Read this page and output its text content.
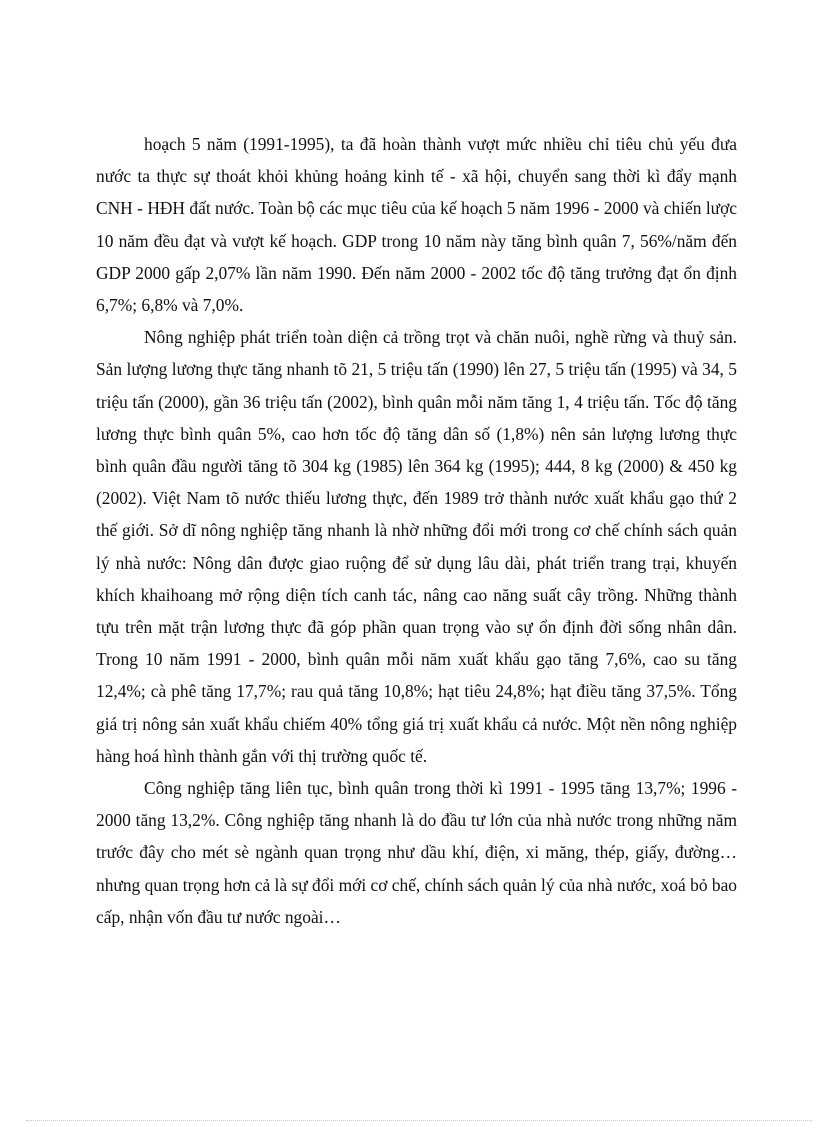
hoạch 5 năm (1991-1995), ta đã hoàn thành vượt mức nhiều chỉ tiêu chủ yếu đưa nước ta thực sự thoát khỏi khủng hoảng kinh tế - xã hội, chuyển sang thời kì đẩy mạnh CNH - HĐH đất nước. Toàn bộ các mục tiêu của kế hoạch 5 năm 1996 - 2000 và chiến lược 10 năm đều đạt và vượt kế hoạch. GDP trong 10 năm này tăng bình quân 7, 56%/năm đến GDP 2000 gấp 2,07% lần năm 1990. Đến năm 2000 - 2002 tốc độ tăng trưởng đạt ổn định 6,7%; 6,8% và 7,0%.

Nông nghiệp phát triển toàn diện cả trồng trọt và chăn nuôi, nghề rừng và thuỷ sản. Sản lượng lương thực tăng nhanh tõ 21, 5 triệu tấn (1990) lên 27, 5 triệu tấn (1995) và 34, 5 triệu tấn (2000), gần 36 triệu tấn (2002), bình quân mỗi năm tăng 1, 4 triệu tấn. Tốc độ tăng lương thực bình quân 5%, cao hơn tốc độ tăng dân số (1,8%) nên sản lượng lương thực bình quân đầu người tăng tõ 304 kg (1985) lên 364 kg (1995); 444, 8 kg (2000) & 450 kg (2002). Việt Nam tõ nước thiếu lương thực, đến 1989 trở thành nước xuất khẩu gạo thứ 2 thế giới. Sở dĩ nông nghiệp tăng nhanh là nhờ những đổi mới trong cơ chế chính sách quản lý nhà nước: Nông dân được giao ruộng để sử dụng lâu dài, phát triển trang trại, khuyến khích khaihoang mở rộng diện tích canh tác, nâng cao năng suất cây trồng. Những thành tựu trên mặt trận lương thực đã góp phần quan trọng vào sự ổn định đời sống nhân dân. Trong 10 năm 1991 - 2000, bình quân mỗi năm xuất khẩu gạo tăng 7,6%, cao su tăng 12,4%; cà phê tăng 17,7%; rau quả tăng 10,8%; hạt tiêu 24,8%; hạt điều tăng 37,5%. Tổng giá trị nông sản xuất khẩu chiếm 40% tổng giá trị xuất khẩu cả nước. Một nền nông nghiệp hàng hoá hình thành gắn với thị trường quốc tế.

Công nghiệp tăng liên tục, bình quân trong thời kì 1991 - 1995 tăng 13,7%; 1996 - 2000 tăng 13,2%. Công nghiệp tăng nhanh là do đầu tư lớn của nhà nước trong những năm trước đây cho mét sè ngành quan trọng như dầu khí, điện, xi măng, thép, giấy, đường… nhưng quan trọng hơn cả là sự đổi mới cơ chế, chính sách quản lý của nhà nước, xoá bỏ bao cấp, nhận vốn đầu tư nước ngoài…
